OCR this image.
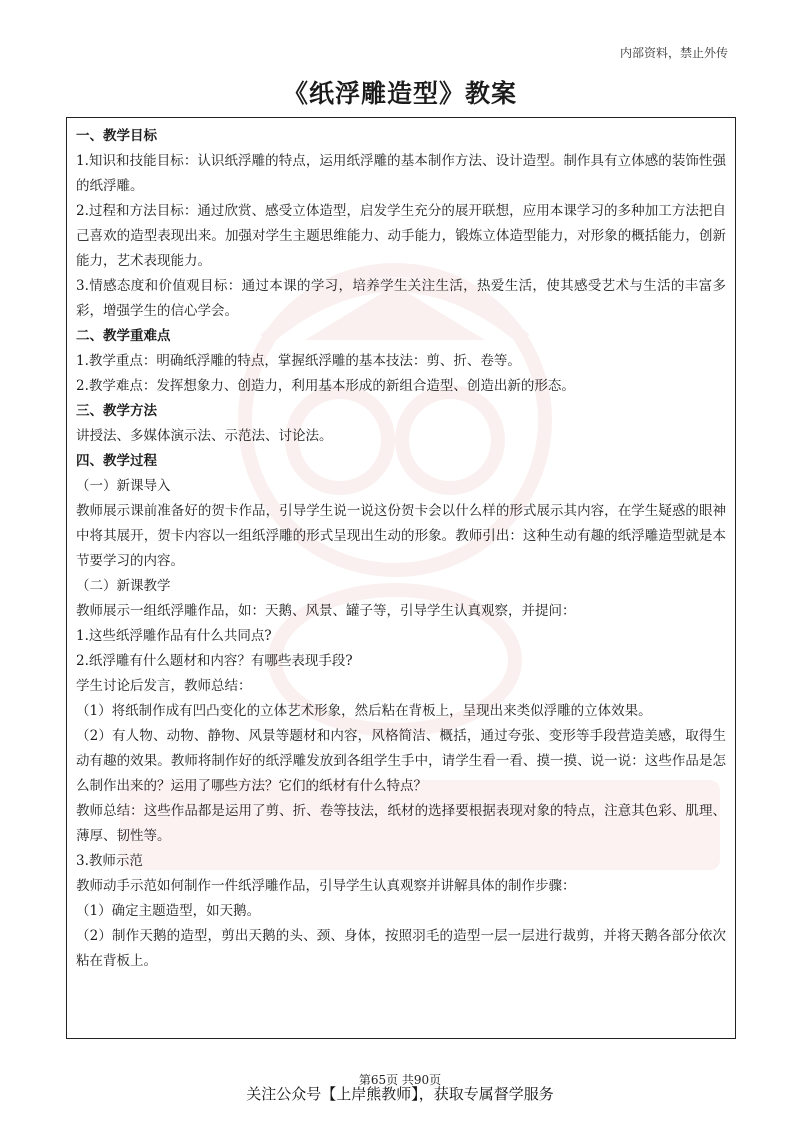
内部资料，禁止外传
《纸浮雕造型》教案
一、教学目标
1.知识和技能目标：认识纸浮雕的特点，运用纸浮雕的基本制作方法、设计造型。制作具有立体感的装饰性强的纸浮雕。
2.过程和方法目标：通过欣赏、感受立体造型，启发学生充分的展开联想，应用本课学习的多种加工方法把自己喜欢的造型表现出来。加强对学生主题思维能力、动手能力，锻炼立体造型能力，对形象的概括能力，创新能力，艺术表现能力。
3.情感态度和价值观目标：通过本课的学习，培养学生关注生活，热爱生活，使其感受艺术与生活的丰富多彩，增强学生的信心学会。
二、教学重难点
1.教学重点：明确纸浮雕的特点，掌握纸浮雕的基本技法：剪、折、卷等。
2.教学难点：发挥想象力、创造力，利用基本形成的新组合造型、创造出新的形态。
三、教学方法
讲授法、多媒体演示法、示范法、讨论法。
四、教学过程
（一）新课导入
教师展示课前准备好的贺卡作品，引导学生说一说这份贺卡会以什么样的形式展示其内容，在学生疑惑的眼神中将其展开，贺卡内容以一组纸浮雕的形式呈现出生动的形象。教师引出：这种生动有趣的纸浮雕造型就是本节要学习的内容。
（二）新课教学
教师展示一组纸浮雕作品，如：天鹅、风景、罐子等，引导学生认真观察，并提问：
1.这些纸浮雕作品有什么共同点?
2.纸浮雕有什么题材和内容？有哪些表现手段?
学生讨论后发言，教师总结：
（1）将纸制作成有凹凸变化的立体艺术形象，然后粘在背板上，呈现出来类似浮雕的立体效果。
（2）有人物、动物、静物、风景等题材和内容，风格简洁、概括，通过夸张、变形等手段营造美感，取得生动有趣的效果。教师将制作好的纸浮雕发放到各组学生手中，请学生看一看、摸一摸、说一说：这些作品是怎么制作出来的？运用了哪些方法？它们的纸材有什么特点？
教师总结：这些作品都是运用了剪、折、卷等技法，纸材的选择要根据表现对象的特点，注意其色彩、肌理、薄厚、韧性等。
3.教师示范
教师动手示范如何制作一件纸浮雕作品，引导学生认真观察并讲解具体的制作步骤：
（1）确定主题造型，如天鹅。
（2）制作天鹅的造型，剪出天鹅的头、颈、身体，按照羽毛的造型一层一层进行裁剪，并将天鹅各部分依次粘在背板上。
第65页 共90页
关注公众号【上岸熊教师】，获取专属督学服务
